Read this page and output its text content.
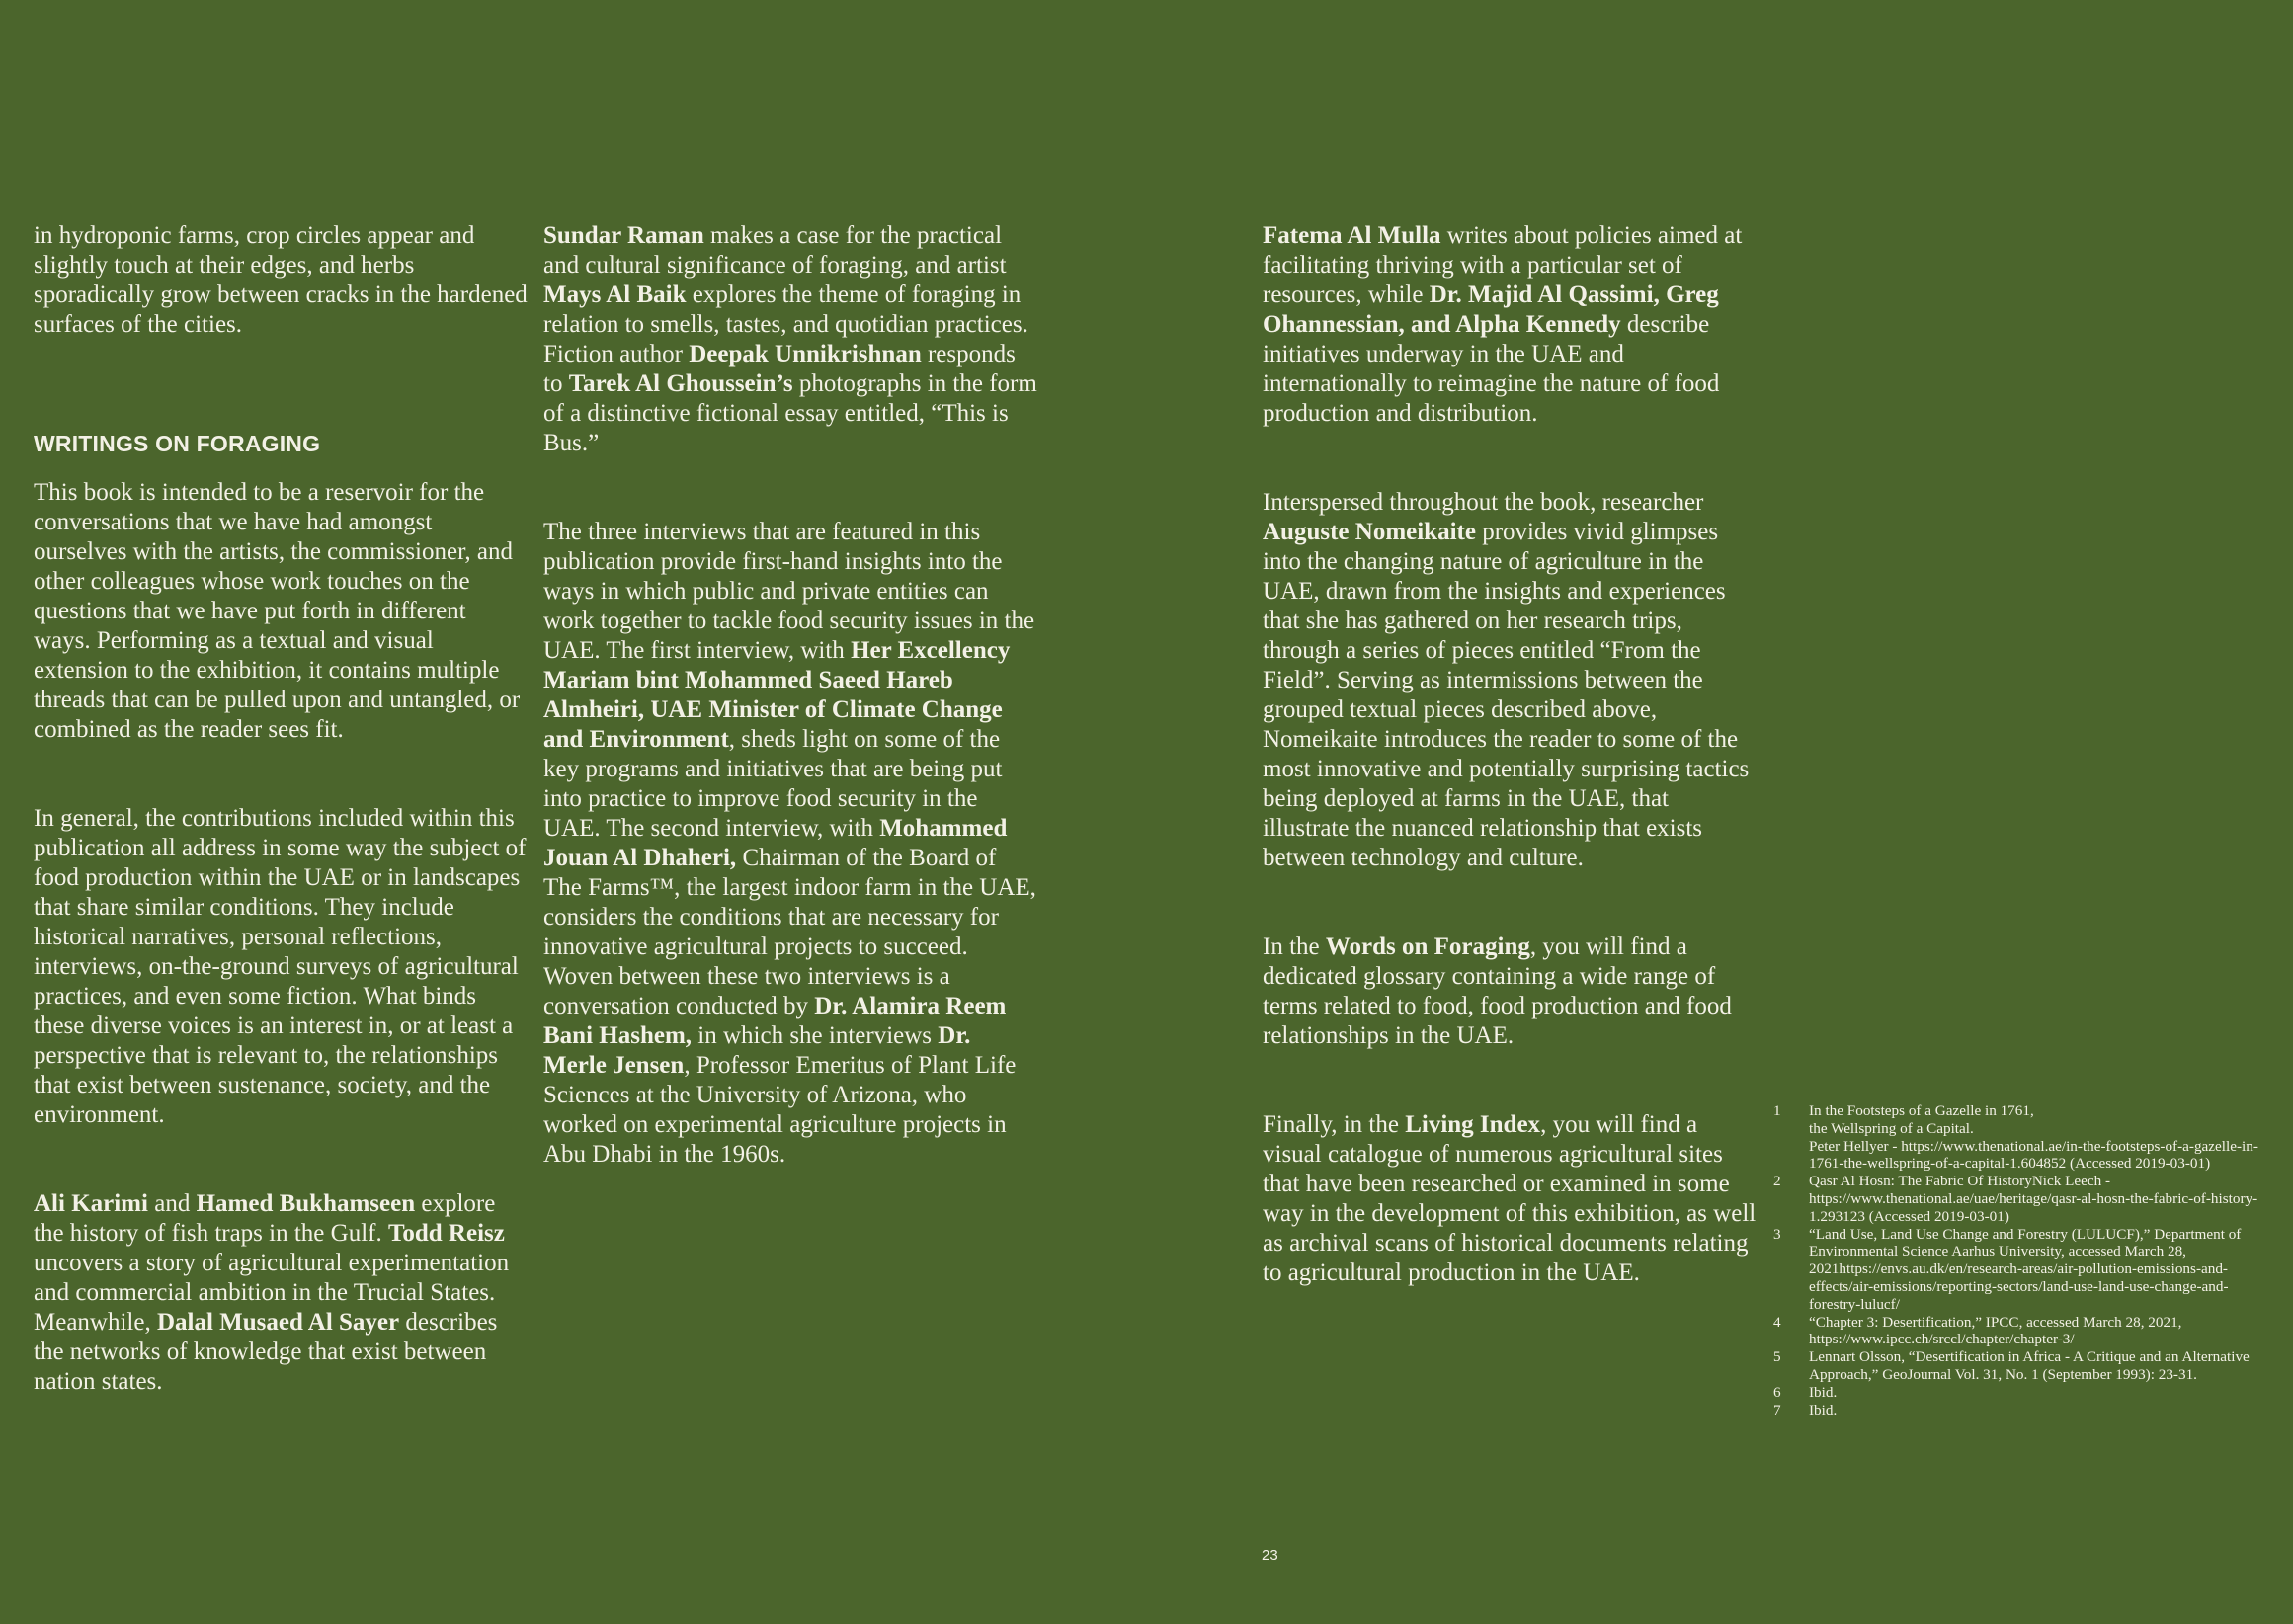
in hydroponic farms, crop circles appear and slightly touch at their edges, and herbs sporadically grow between cracks in the hardened surfaces of the cities.

WRITINGS ON FORAGING

This book is intended to be a reservoir for the conversations that we have had amongst ourselves with the artists, the commissioner, and other colleagues whose work touches on the questions that we have put forth in different ways. Performing as a textual and visual extension to the exhibition, it contains multiple threads that can be pulled upon and untangled, or combined as the reader sees fit.

In general, the contributions included within this publication all address in some way the subject of food production within the UAE or in landscapes that share similar conditions. They include historical narratives, personal reflections, interviews, on-the-ground surveys of agricultural practices, and even some fiction. What binds these diverse voices is an interest in, or at least a perspective that is relevant to, the relationships that exist between sustenance, society, and the environment.

Ali Karimi and Hamed Bukhamseen explore the history of fish traps in the Gulf. Todd Reisz uncovers a story of agricultural experimentation and commercial ambition in the Trucial States. Meanwhile, Dalal Musaed Al Sayer describes the networks of knowledge that exist between nation states.

Sundar Raman makes a case for the practical and cultural significance of foraging, and artist Mays Al Baik explores the theme of foraging in relation to smells, tastes, and quotidian practices. Fiction author Deepak Unnikrishnan responds to Tarek Al Ghoussein’s photographs in the form of a distinctive fictional essay entitled, “This is Bus.”

The three interviews that are featured in this publication provide first-hand insights into the ways in which public and private entities can work together to tackle food security issues in the UAE. The first interview, with Her Excellency Mariam bint Mohammed Saeed Hareb Almheiri, UAE Minister of Climate Change and Environment, sheds light on some of the key programs and initiatives that are being put into practice to improve food security in the UAE. The second interview, with Mohammed Jouan Al Dhaheri, Chairman of the Board of The Farms™, the largest indoor farm in the UAE, considers the conditions that are necessary for innovative agricultural projects to succeed. Woven between these two interviews is a conversation conducted by Dr. Alamira Reem Bani Hashem, in which she interviews Dr. Merle Jensen, Professor Emeritus of Plant Life Sciences at the University of Arizona, who worked on experimental agriculture projects in Abu Dhabi in the 1960s.

Fatema Al Mulla writes about policies aimed at facilitating thriving with a particular set of resources, while Dr. Majid Al Qassimi, Greg Ohannessian, and Alpha Kennedy describe initiatives underway in the UAE and internationally to reimagine the nature of food production and distribution.

Interspersed throughout the book, researcher Auguste Nomeikaite provides vivid glimpses into the changing nature of agriculture in the UAE, drawn from the insights and experiences that she has gathered on her research trips, through a series of pieces entitled “From the Field”. Serving as intermissions between the grouped textual pieces described above, Nomeikaite introduces the reader to some of the most innovative and potentially surprising tactics being deployed at farms in the UAE, that illustrate the nuanced relationship that exists between technology and culture.

In the Words on Foraging, you will find a dedicated glossary containing a wide range of terms related to food, food production and food relationships in the UAE.

Finally, in the Living Index, you will find a visual catalogue of numerous agricultural sites that have been researched or examined in some way in the development of this exhibition, as well as archival scans of historical documents relating to agricultural production in the UAE.

1	In the Footsteps of a Gazelle in 1761,
the Wellspring of a Capital.
Peter Hellyer - https://www.thenational.ae/in-the-footsteps-of-a-gazelle-in-1761-the-wellspring-of-a-capital-1.604852 (Accessed 2019-03-01)
2	Qasr Al Hosn: The Fabric Of HistoryNick Leech - https://www.thenational.ae/uae/heritage/qasr-al-hosn-the-fabric-of-history-1.293123 (Accessed 2019-03-01)
3	“Land Use, Land Use Change and Forestry (LULUCF),” Department of Environmental Science Aarhus University, accessed March 28, 2021https://envs.au.dk/en/research-areas/air-pollution-emissions-and-effects/air-emissions/reporting-sectors/land-use-land-use-change-and-forestry-lulucf/
4	“Chapter 3: Desertification,” IPCC, accessed March 28, 2021, https://www.ipcc.ch/srccl/chapter/chapter-3/
5	Lennart Olsson, “Desertification in Africa - A Critique and an Alternative Approach,” GeoJournal Vol. 31, No. 1 (September 1993): 23-31.
6	Ibid.
7	Ibid.
23
